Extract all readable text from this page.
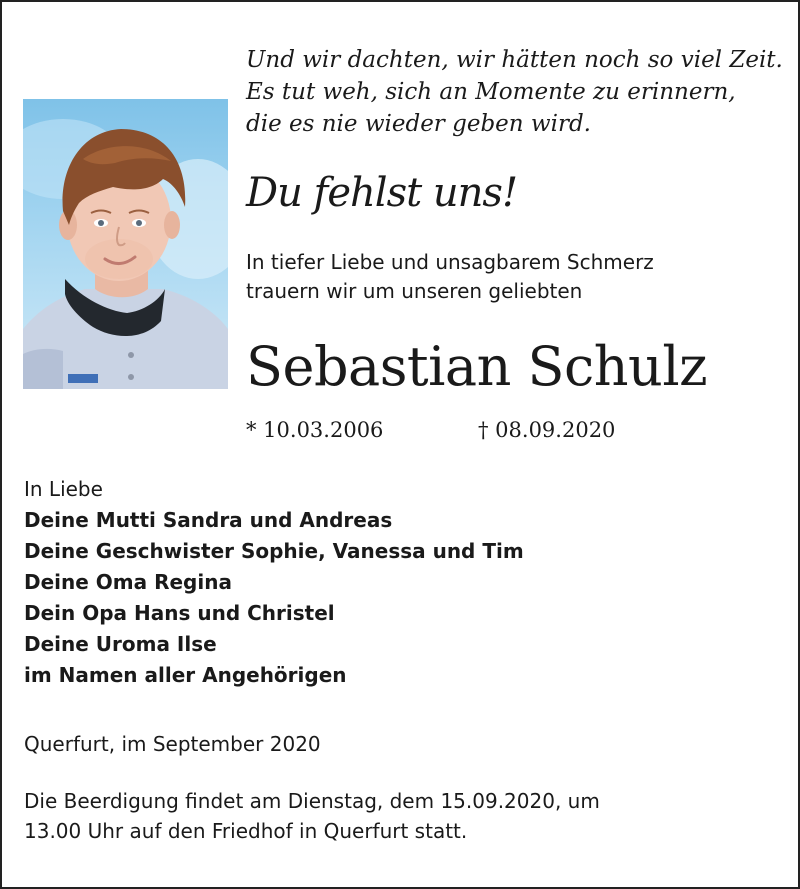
Und wir dachten, wir hätten noch so viel Zeit.
Es tut weh, sich an Momente zu erinnern,
die es nie wieder geben wird.
Du fehlst uns!
In tiefer Liebe und unsagbarem Schmerz
trauern wir um unseren geliebten
Sebastian Schulz
* 10.03.2006	† 08.09.2020
In Liebe
Deine Mutti Sandra und Andreas
Deine Geschwister Sophie, Vanessa und Tim
Deine Oma Regina
Dein Opa Hans und Christel
Deine Uroma Ilse
im Namen aller Angehörigen
Querfurt, im September 2020
Die Beerdigung findet am Dienstag, dem 15.09.2020, um
13.00 Uhr auf den Friedhof in Querfurt statt.
